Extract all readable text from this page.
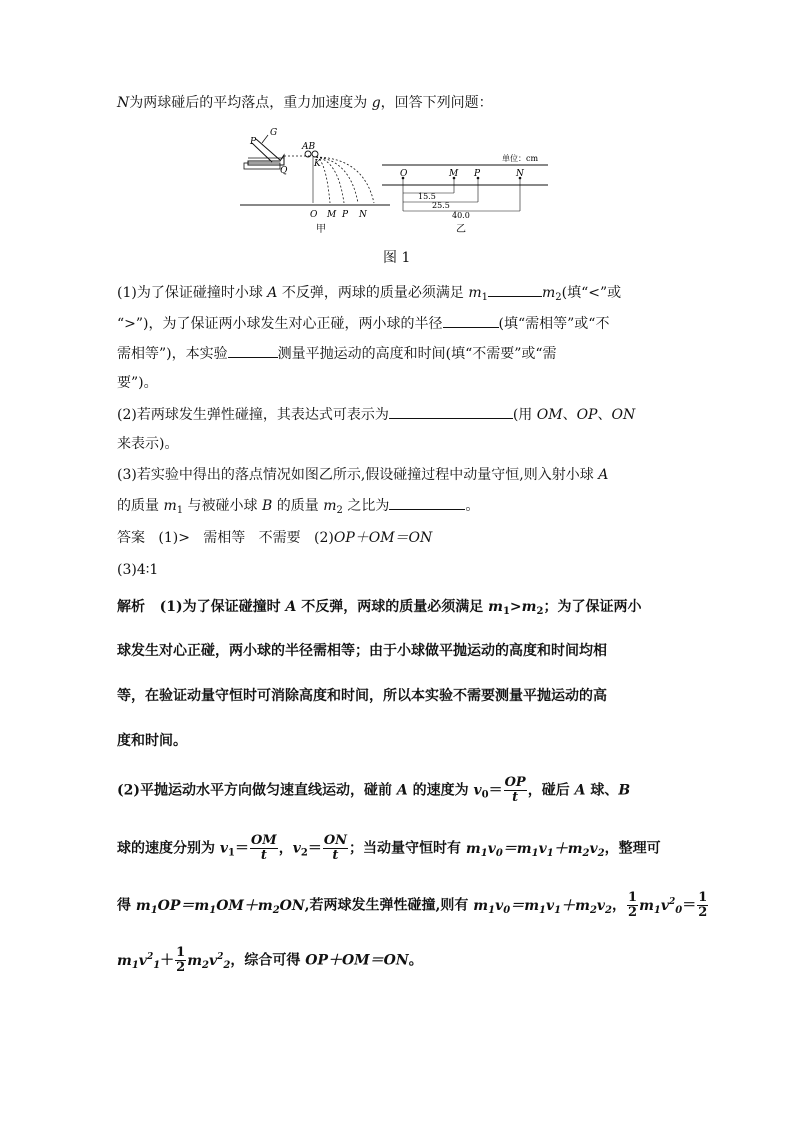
N为两球碰后的平均落点，重力加速度为 g，回答下列问题：
P
G
Q
AB
K
O M P N
甲
单位：cm
O	M P	N
15.5
25.5
40.0
乙
图 1
(1)为了保证碰撞时小球 A 不反弹，两球的质量必须满足 $m_1$	$m_2$(填“<”或
“>”)，为了保证两小球发生对心正碰，两小球的半径	(填“需相等”或“不
需相等”)，本实验	测量平抛运动的高度和时间(填“不需要”或“需
要”)。
(2)若两球发生弹性碰撞，其表达式可表示为	(用 OM、OP、ON
来表示)。
(3)若实验中得出的落点情况如图乙所示,假设碰撞过程中动量守恒,则入射小球 A
的质量 $m_1$ 与被碰小球 B 的质量 $m_2$ 之比为	。
答案 (1)> 需相等 不需要 (2)OP＋OM＝ON
(3)4∶1
解析 (1)为了保证碰撞时 A 不反弹，两球的质量必须满足 $m_1>m_2$；为了保证两小
球发生对心正碰，两小球的半径需相等；由于小球做平抛运动的高度和时间均相
等，在验证动量守恒时可消除高度和时间，所以本实验不需要测量平抛运动的高
度和时间。
(2)平抛运动水平方向做匀速直线运动，碰前 A 的速度为 $v_0= \frac{OP}{t}$ ，碰后 A 球、B
球的速度分别为 $v_1= \frac{OM}{t}$ ，$v_2= \frac{ON}{t}$ ；当动量守恒时有 $m_1v_0=m_1v_1+m_2v_2$，整理可
得 $m_1OP=m_1OM+m_2ON$,若两球发生弹性碰撞,则有 $m_1v_0=m_1v_1+m_2v_2$， $\frac{1}{2} m_1v^2_0= \frac{1}{2}$
$m_1v^2_1+ \frac{1}{2} m_2v^2_2$，综合可得 OP＋OM＝ON。
